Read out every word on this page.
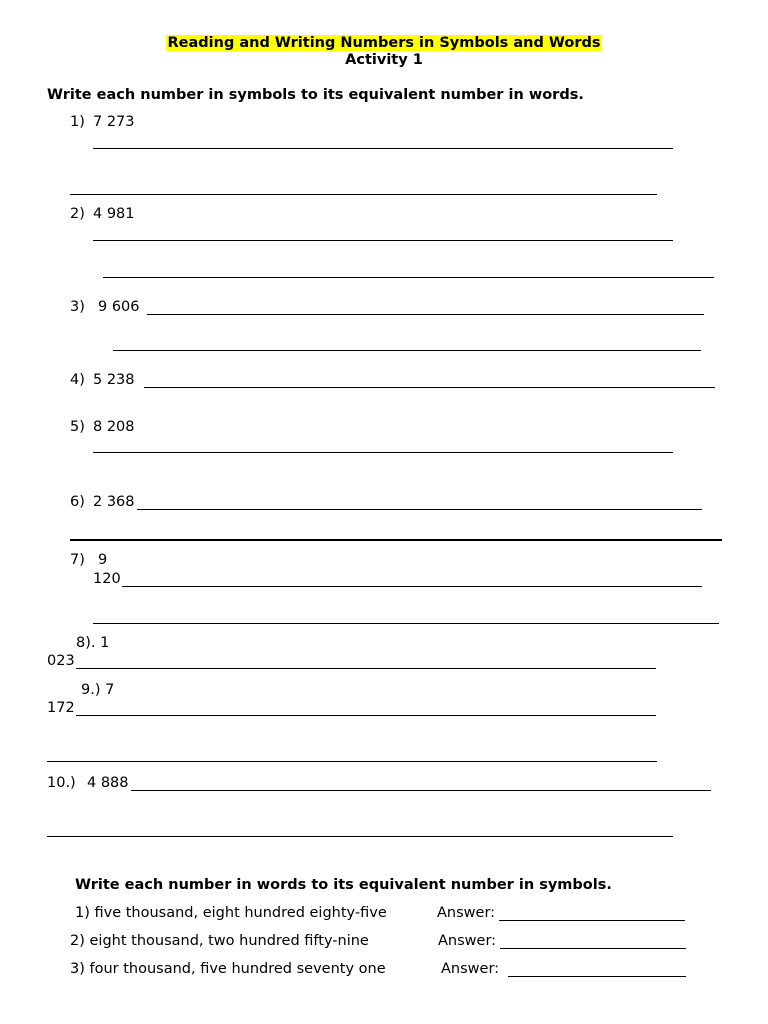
Reading and Writing Numbers in Symbols and Words
Activity 1
Write each number in symbols to its equivalent number in words.
1) 7 273
2) 4 981
3) 9 606
4) 5 238
5) 8 208
6) 2 368
7) 9
120
8). 1
023
9.) 7
172
10.) 4 888
Write each number in words to its equivalent number in symbols.
1) five thousand, eight hundred eighty-five	Answer:
2) eight thousand, two hundred fifty-nine	Answer:
3) four thousand, five hundred seventy one	Answer:
